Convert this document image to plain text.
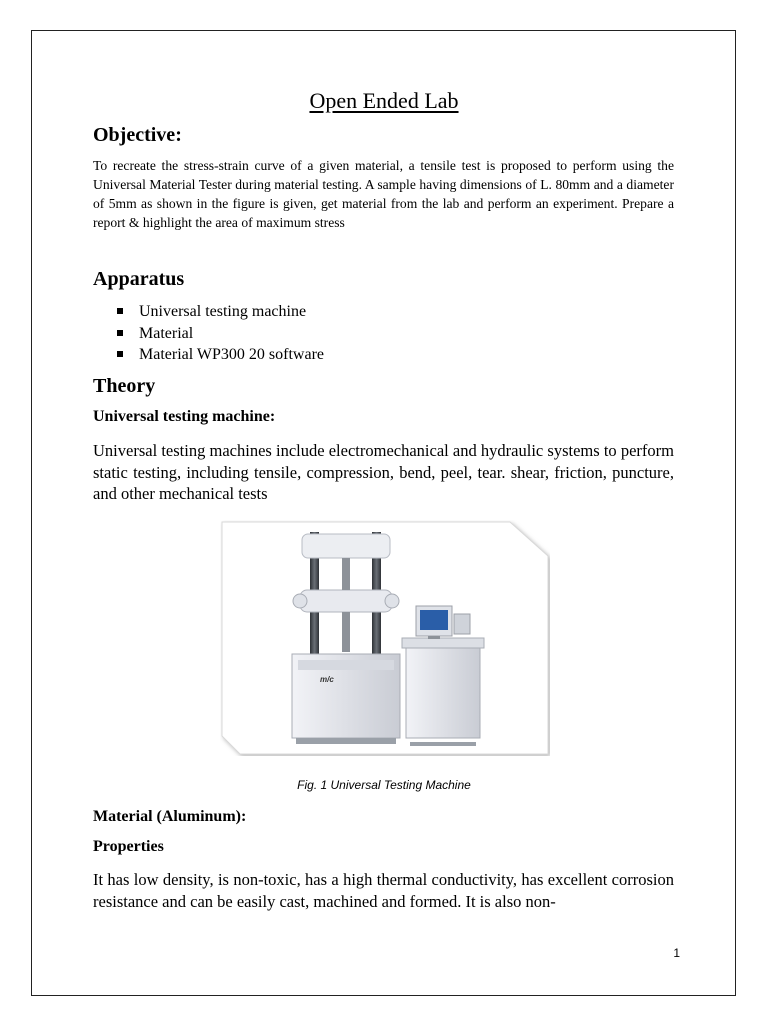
Open Ended Lab
Objective:
To recreate the stress-strain curve of a given material, a tensile test is proposed to perform using the Universal Material Tester during material testing. A sample having dimensions of L. 80mm and a diameter of 5mm as shown in the figure is given, get material from the lab and perform an experiment. Prepare a report & highlight the area of maximum stress
Apparatus
Universal testing machine
Material
Material WP300 20 software
Theory
Universal testing machine:
Universal testing machines include electromechanical and hydraulic systems to perform static testing, including tensile, compression, bend, peel, tear. shear, friction, puncture, and other mechanical tests
m/c
Fig. 1 Universal Testing Machine
Material (Aluminum):
Properties
It has low density, is non-toxic, has a high thermal conductivity, has excellent corrosion resistance and can be easily cast, machined and formed. It is also non-
1
